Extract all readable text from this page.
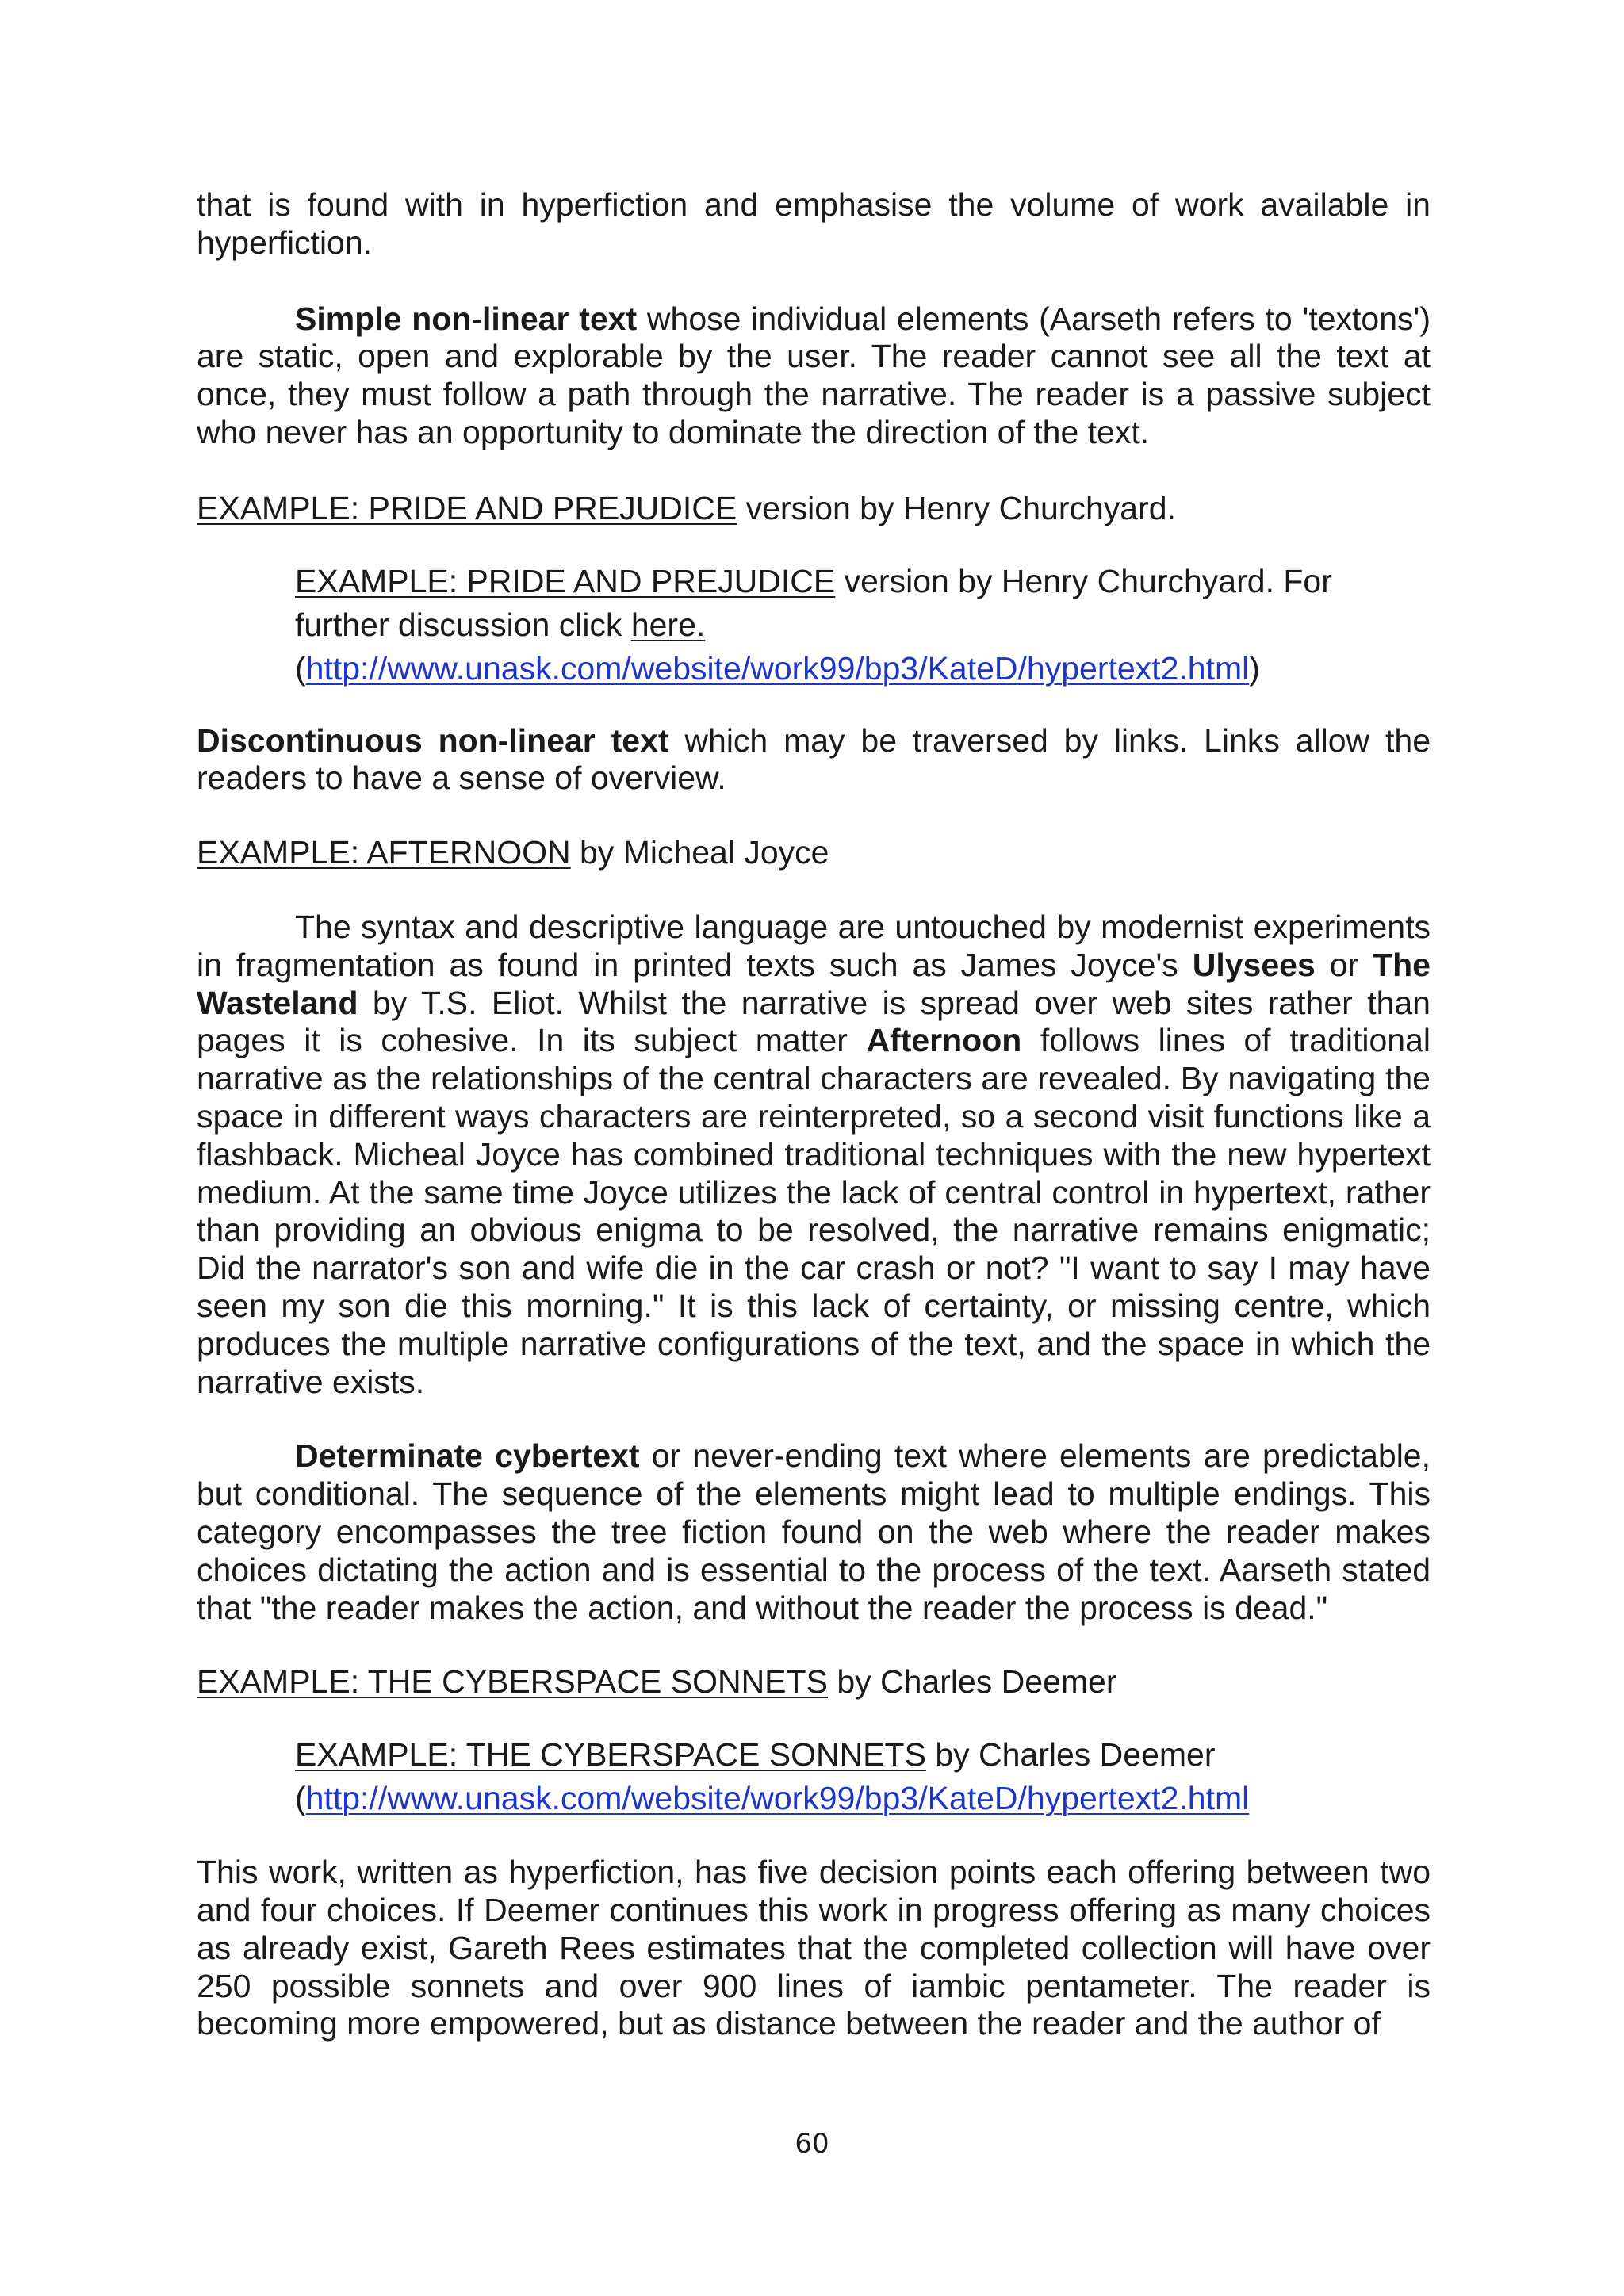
that is found with in hyperfiction and emphasise the volume of work available in hyperfiction.

Simple non-linear text whose individual elements (Aarseth refers to 'textons') are static, open and explorable by the user. The reader cannot see all the text at once, they must follow a path through the narrative. The reader is a passive subject who never has an opportunity to dominate the direction of the text.

EXAMPLE: PRIDE AND PREJUDICE version by Henry Churchyard.

EXAMPLE: PRIDE AND PREJUDICE version by Henry Churchyard. For further discussion click here.
(http://www.unask.com/website/work99/bp3/KateD/hypertext2.html)

Discontinuous non-linear text which may be traversed by links. Links allow the readers to have a sense of overview.

EXAMPLE: AFTERNOON by Micheal Joyce

The syntax and descriptive language are untouched by modernist experiments in fragmentation as found in printed texts such as James Joyce's Ulysees or The Wasteland by T.S. Eliot. Whilst the narrative is spread over web sites rather than pages it is cohesive. In its subject matter Afternoon follows lines of traditional narrative as the relationships of the central characters are revealed. By navigating the space in different ways characters are reinterpreted, so a second visit functions like a flashback. Micheal Joyce has combined traditional techniques with the new hypertext medium. At the same time Joyce utilizes the lack of central control in hypertext, rather than providing an obvious enigma to be resolved, the narrative remains enigmatic; Did the narrator's son and wife die in the car crash or not? "I want to say I may have seen my son die this morning." It is this lack of certainty, or missing centre, which produces the multiple narrative configurations of the text, and the space in which the narrative exists.

Determinate cybertext or never-ending text where elements are predictable, but conditional. The sequence of the elements might lead to multiple endings. This category encompasses the tree fiction found on the web where the reader makes choices dictating the action and is essential to the process of the text. Aarseth stated that "the reader makes the action, and without the reader the process is dead."

EXAMPLE: THE CYBERSPACE SONNETS by Charles Deemer

EXAMPLE: THE CYBERSPACE SONNETS by Charles Deemer
(http://www.unask.com/website/work99/bp3/KateD/hypertext2.html

This work, written as hyperfiction, has five decision points each offering between two and four choices. If Deemer continues this work in progress offering as many choices as already exist, Gareth Rees estimates that the completed collection will have over 250 possible sonnets and over 900 lines of iambic pentameter. The reader is becoming more empowered, but as distance between the reader and the author of

60
